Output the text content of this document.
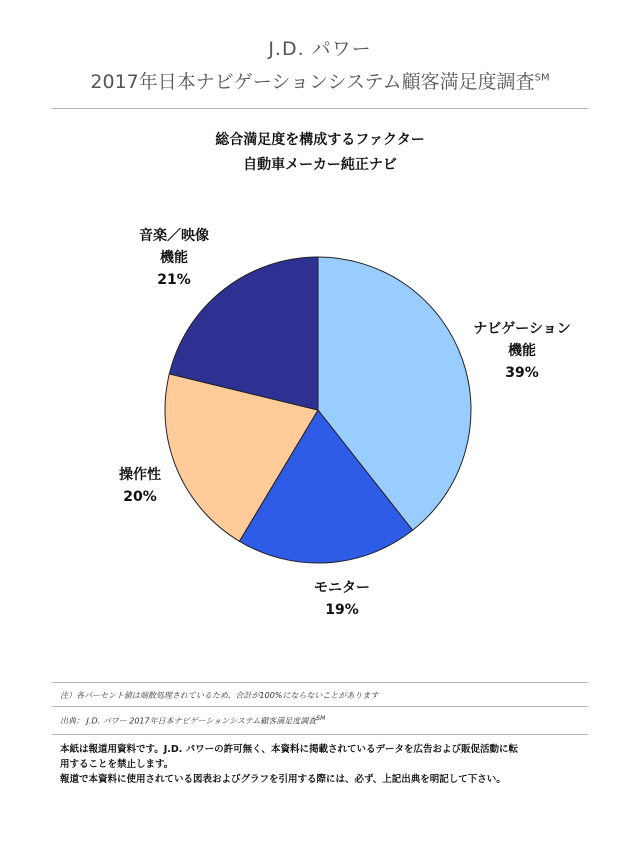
J.D. パワー
2017年日本ナビゲーションシステム顧客満足度調査℠
総合満足度を構成するファクター
自動車メーカー純正ナビ
ナビゲーション機能 39%
モニター 19%
操作性 20%
音楽／映像機能 21%
注）各パーセント値は端数処理されているため、合計が100%にならないことがあります
出典： J.D. パワー 2017年日本ナビゲーションシステム顧客満足度調査℠
本紙は報道用資料です。J.D. パワーの許可無く、本資料に掲載されているデータを広告および販促活動に転
用することを禁止します。
報道で本資料に使用されている図表およびグラフを引用する際には、必ず、上記出典を明記して下さい。
